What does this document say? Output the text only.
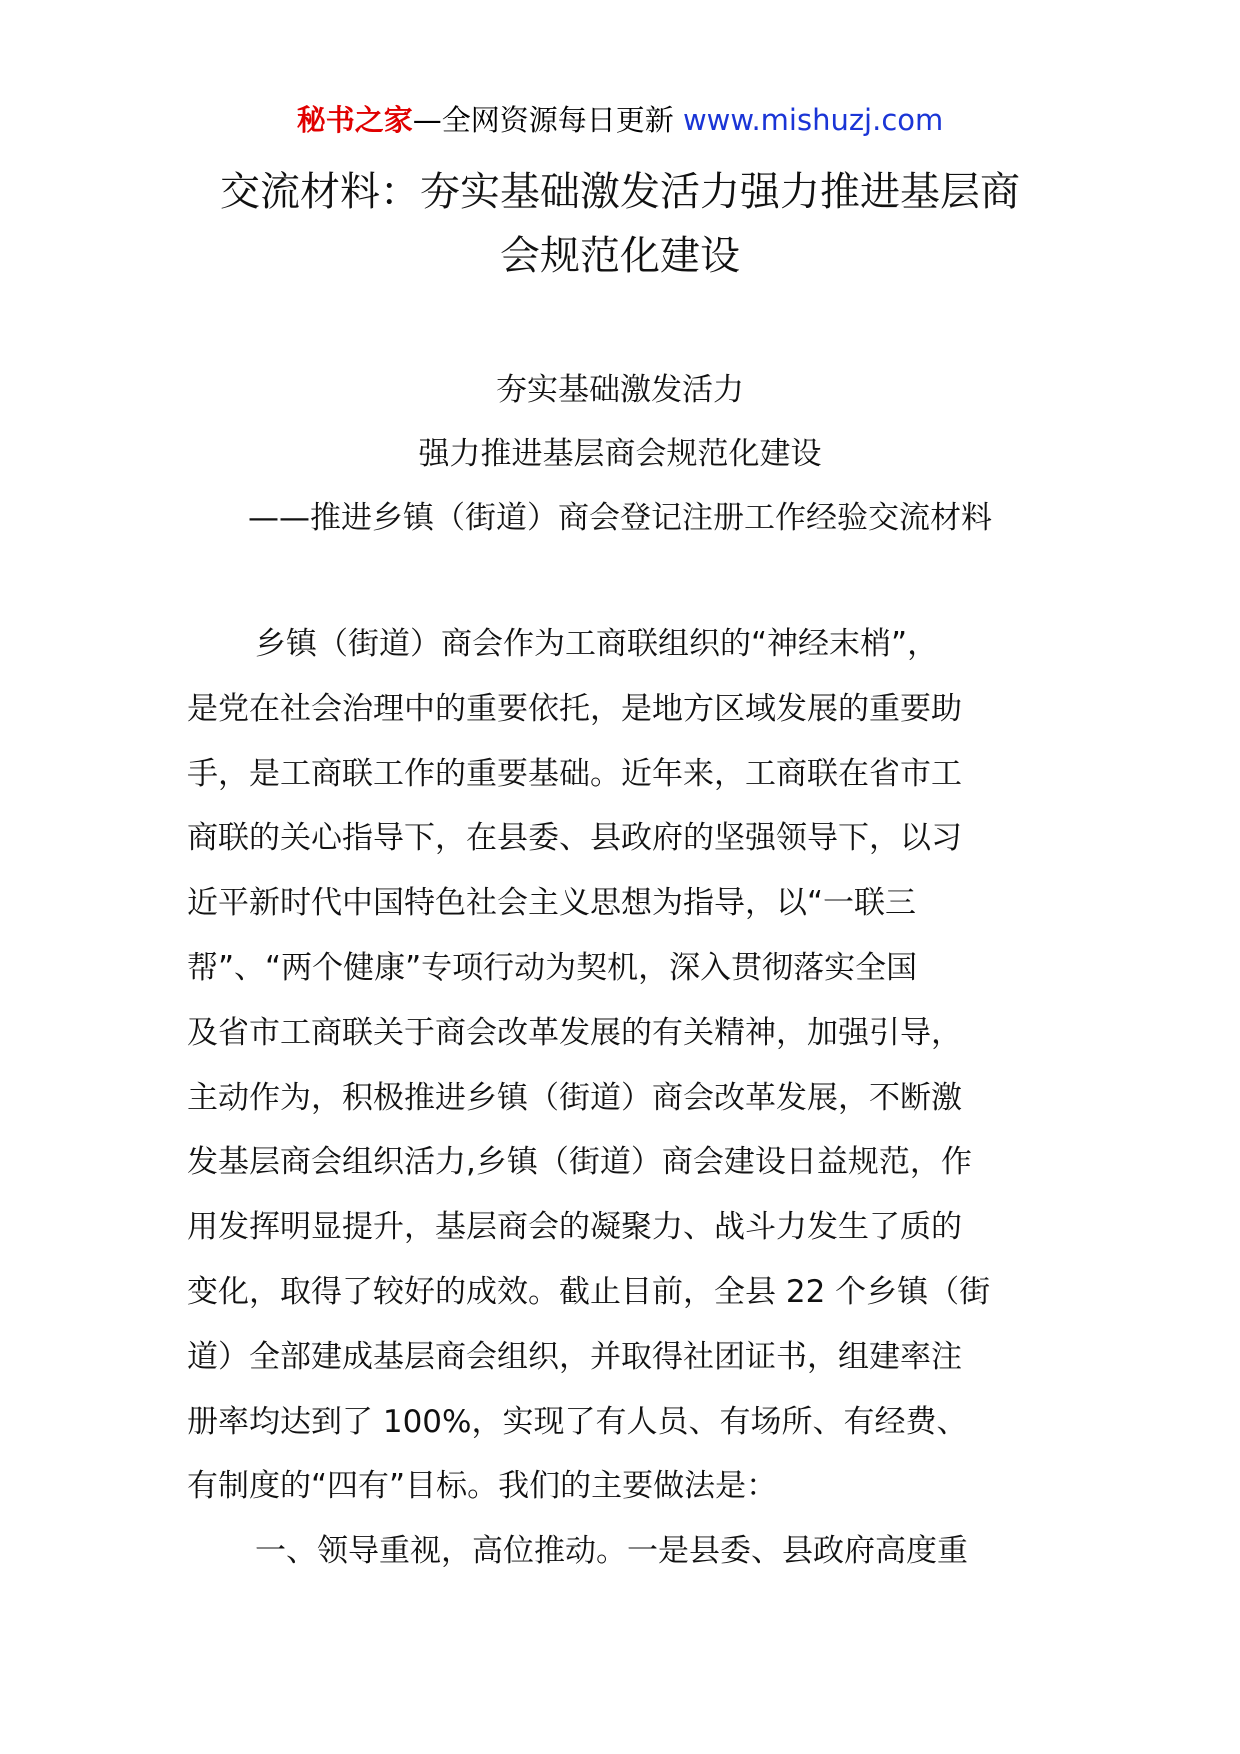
秘书之家—全网资源每日更新 www.mishuzj.com
交流材料：夯实基础激发活力强力推进基层商
会规范化建设
夯实基础激发活力
强力推进基层商会规范化建设
——推进乡镇（街道）商会登记注册工作经验交流材料
乡镇（街道）商会作为工商联组织的“神经末梢”，
是党在社会治理中的重要依托，是地方区域发展的重要助
手，是工商联工作的重要基础。近年来，工商联在省市工
商联的关心指导下，在县委、县政府的坚强领导下，以习
近平新时代中国特色社会主义思想为指导，以“一联三
帮”、“两个健康”专项行动为契机，深入贯彻落实全国
及省市工商联关于商会改革发展的有关精神，加强引导，
主动作为，积极推进乡镇（街道）商会改革发展，不断激
发基层商会组织活力,乡镇（街道）商会建设日益规范，作
用发挥明显提升，基层商会的凝聚力、战斗力发生了质的
变化，取得了较好的成效。截止目前，全县 22 个乡镇（街
道）全部建成基层商会组织，并取得社团证书，组建率注
册率均达到了 100%，实现了有人员、有场所、有经费、
有制度的“四有”目标。我们的主要做法是：
一、领导重视，高位推动。一是县委、县政府高度重
